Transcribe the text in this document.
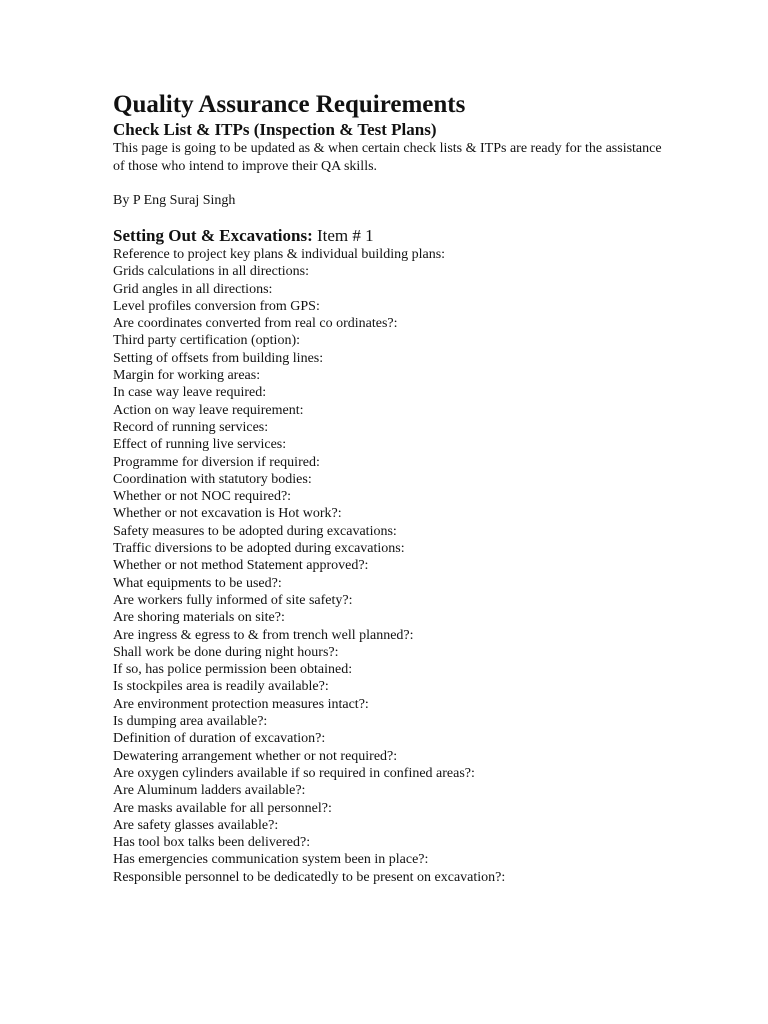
Quality Assurance Requirements
Check List & ITPs (Inspection & Test Plans)

This page is going to be updated as & when certain check lists & ITPs are ready for the assistance of those who intend to improve their QA skills.

By P Eng Suraj Singh

Setting Out & Excavations: Item # 1
Reference to project key plans & individual building plans:
Grids calculations in all directions:
Grid angles in all directions:
Level profiles conversion from GPS:
Are coordinates converted from real co ordinates?:
Third party certification (option):
Setting of offsets from building lines:
Margin for working areas:
In case way leave required:
Action on way leave requirement:
Record of running services:
Effect of running live services:
Programme for diversion if required:
Coordination with statutory bodies:
Whether or not NOC required?:
Whether or not excavation is Hot work?:
Safety measures to be adopted during excavations:
Traffic diversions to be adopted during excavations:
Whether or not method Statement approved?:
What equipments to be used?:
Are workers fully informed of site safety?:
Are shoring materials on site?:
Are ingress & egress to & from trench well planned?:
Shall work be done during night hours?:
If so, has police permission been obtained:
Is stockpiles area is readily available?:
Are environment protection measures intact?:
Is dumping area available?:
Definition of duration of excavation?:
Dewatering arrangement whether or not required?:
Are oxygen cylinders available if so required in confined areas?:
Are Aluminum ladders available?:
Are masks available for all personnel?:
Are safety glasses available?:
Has tool box talks been delivered?:
Has emergencies communication system been in place?:
Responsible personnel to be dedicatedly to be present on excavation?:
